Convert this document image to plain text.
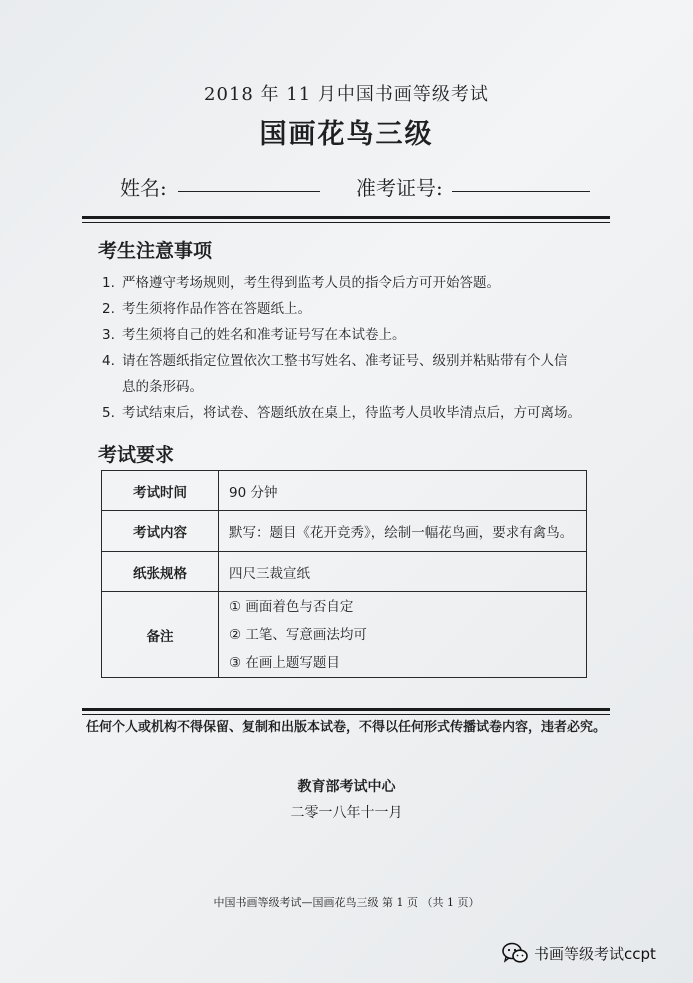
2018 年 11 月中国书画等级考试
国画花鸟三级
姓名:	准考证号:
考生注意事项
1. 严格遵守考场规则，考生得到监考人员的指令后方可开始答题。
2. 考生须将作品作答在答题纸上。
3. 考生须将自己的姓名和准考证号写在本试卷上。
4. 请在答题纸指定位置依次工整书写姓名、准考证号、级别并粘贴带有个人信
息的条形码。
5. 考试结束后，将试卷、答题纸放在桌上，待监考人员收毕清点后，方可离场。
考试要求
考试时间	90 分钟
考试内容	默写：题目《花开竞秀》，绘制一幅花鸟画，要求有禽鸟。
纸张规格	四尺三裁宣纸
备注	① 画面着色与否自定
② 工笔、写意画法均可
③ 在画上题写题目
任何个人或机构不得保留、复制和出版本试卷，不得以任何形式传播试卷内容，违者必究。
教育部考试中心
二零一八年十一月
中国书画等级考试—国画花鸟三级 第 1 页 （共 1 页）
书画等级考试ccpt
